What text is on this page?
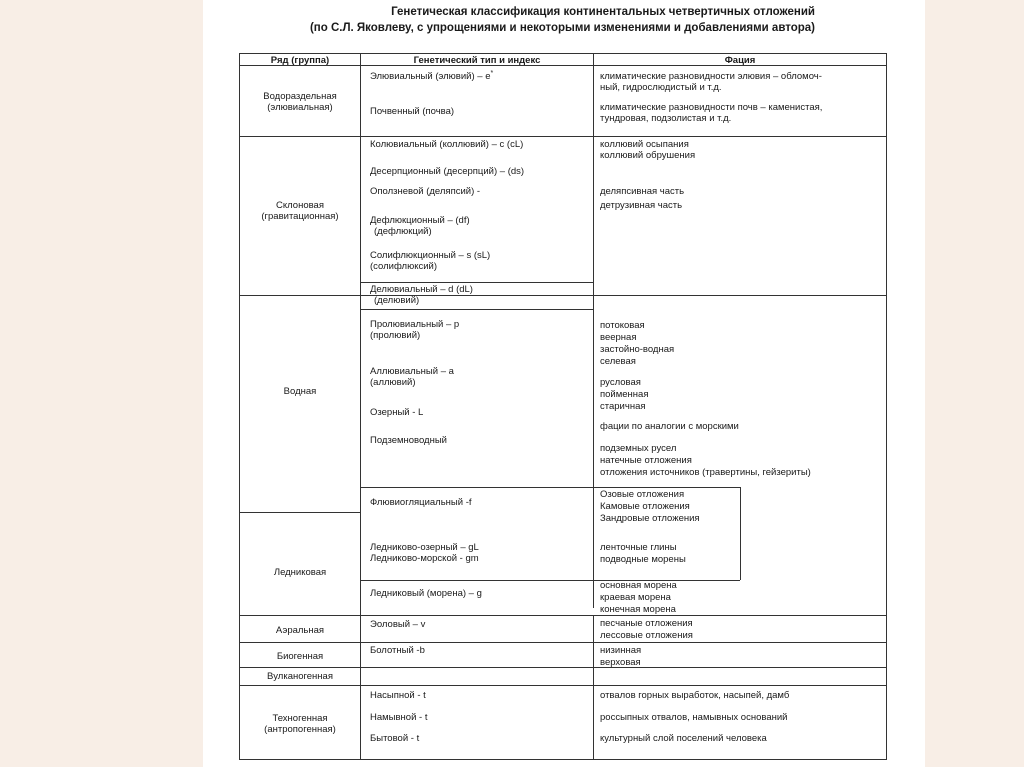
Генетическая классификация континентальных четвертичных отложений
(по С.Л. Яковлеву, с упрощениями и некоторыми изменениями и добавлениями автора)
Ряд (группа)	Генетический тип и индекс	Фация
Водораздельная
(элювиальная)
Склоновая
(гравитационная)
Водная
Ледниковая
Аэральная
Биогенная
Вулканогенная
Техногенная
(антропогенная)
Элювиальный (элювий) – e*
Почвенный (почва)
Колювиальный (коллювий) – c (cL)
Десерпционный (десерпций) – (ds)
Оползневой (деляпсий) -
Дефлюкционный – (df)
(дефлюкций)
Солифлюкционный – s (sL)
(солифлюксий)
Делювиальный – d (dL)
(делювий)
Пролювиальный – p
(пролювий)
Аллювиальный – a
(аллювий)
Озерный - L
Подземноводный
Флювиогляциальный -f
Ледниково-озерный – gL
Ледниково-морской - gm
Ледниковый (морена) – g
Эоловый – v
Болотный -b
Насыпной - t
Намывной - t
Бытовой - t
климатические разновидности элювия – обломоч-
ный, гидрослюдистый и т.д.
климатические разновидности почв – каменистая,
тундровая, подзолистая и т.д.
коллювий осыпания
коллювий обрушения
деляпсивная часть
детрузивная часть
потоковая
веерная
застойно-водная
селевая
русловая
пойменная
старичная
фации по аналогии с морскими
подземных русел
натечные отложения
отложения источников (травертины, гейзериты)
Озовые отложения
Камовые отложения
Зандровые отложения
ленточные глины
подводные морены
основная морена
краевая морена
конечная морена
песчаные отложения
лессовые отложения
низинная
верховая
отвалов горных выработок, насыпей, дамб
россыпных отвалов, намывных оснований
культурный слой поселений человека
